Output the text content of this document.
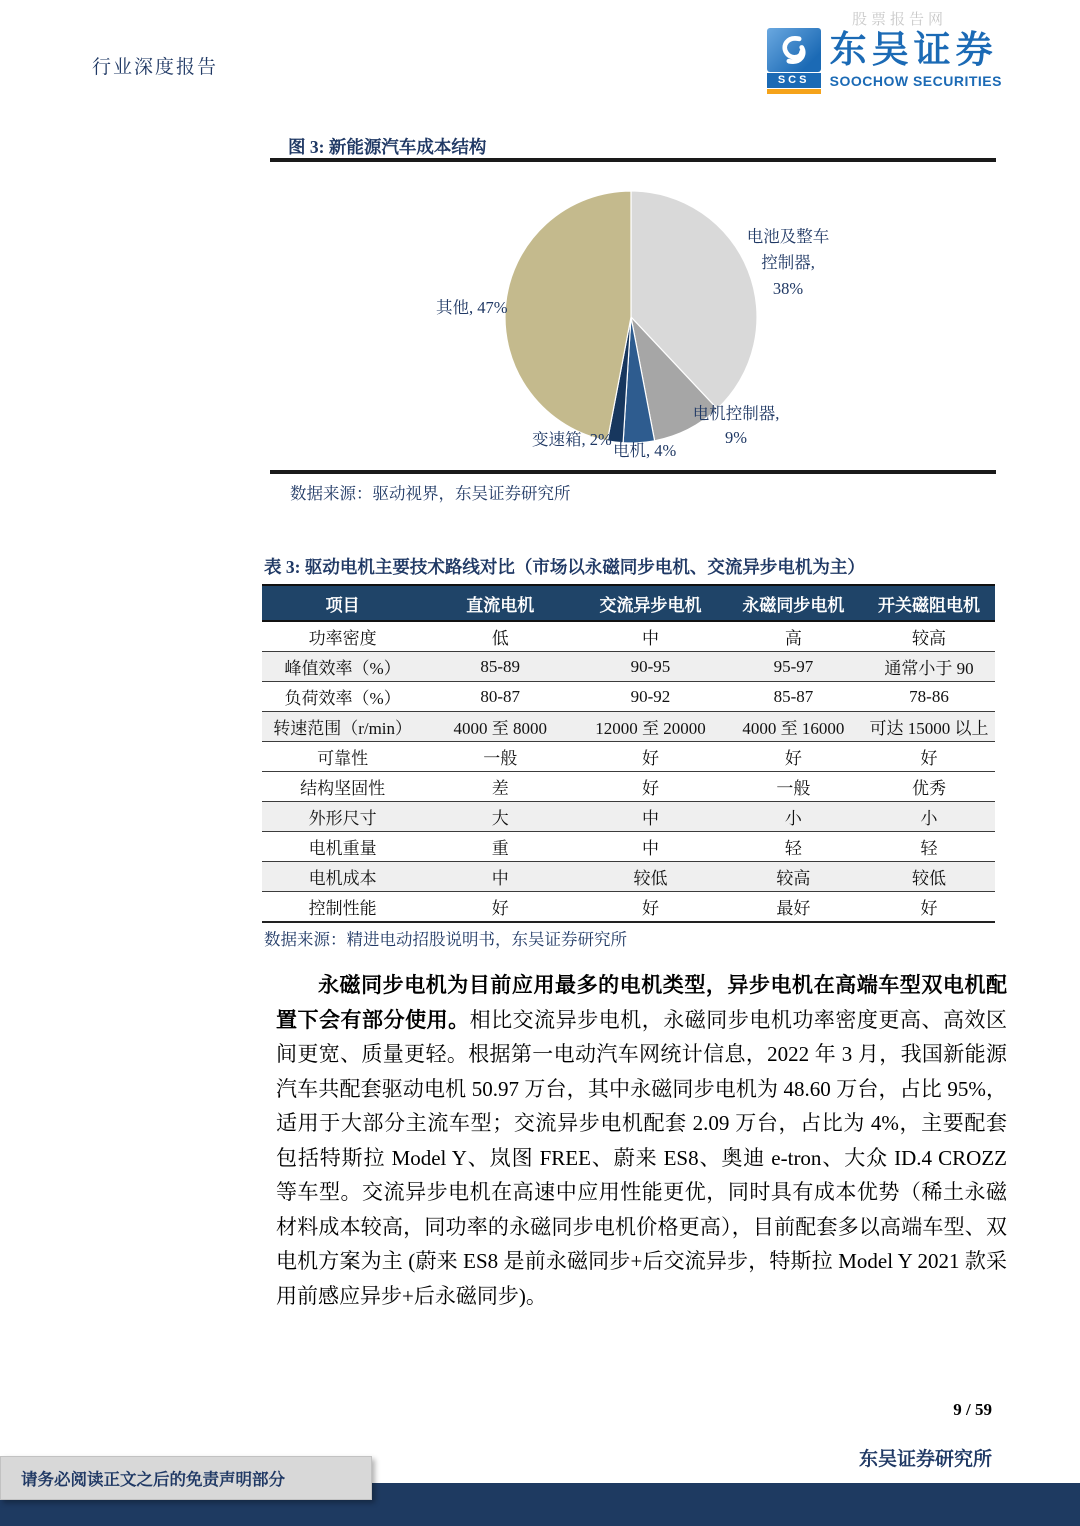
股票报告网
行业深度报告
SCS
东吴证券
SOOCHOW SECURITIES
图 3: 新能源汽车成本结构
电池及整车
控制器,
38%
其他, 47%
电机控制器,
9%
变速箱, 2%
电机, 4%
数据来源：驱动视界，东吴证券研究所
表 3: 驱动电机主要技术路线对比（市场以永磁同步电机、交流异步电机为主）
项目	直流电机	交流异步电机	永磁同步电机	开关磁阻电机
功率密度	低	中	高	较高
峰值效率（%）	85-89	90-95	95-97	通常小于 90
负荷效率（%）	80-87	90-92	85-87	78-86
转速范围（r/min）	4000 至 8000	12000 至 20000	4000 至 16000	可达 15000 以上
可靠性	一般	好	好	好
结构坚固性	差	好	一般	优秀
外形尺寸	大	中	小	小
电机重量	重	中	轻	轻
电机成本	中	较低	较高	较低
控制性能	好	好	最好	好
数据来源：精进电动招股说明书，东吴证券研究所
永磁同步电机为目前应用最多的电机类型，异步电机在高端车型双电机配置下会有部分使用。相比交流异步电机，永磁同步电机功率密度更高、高效区间更宽、质量更轻。根据第一电动汽车网统计信息，2022 年 3 月，我国新能源汽车共配套驱动电机 50.97 万台，其中永磁同步电机为 48.60 万台，占比 95%，适用于大部分主流车型；交流异步电机配套 2.09 万台，占比为 4%，主要配套包括特斯拉 Model Y、岚图 FREE、蔚来 ES8、奥迪 e-tron、大众 ID.4 CROZZ 等车型。交流异步电机在高速中应用性能更优，同时具有成本优势（稀土永磁材料成本较高，同功率的永磁同步电机价格更高），目前配套多以高端车型、双电机方案为主 (蔚来 ES8 是前永磁同步+后交流异步，特斯拉 Model Y 2021 款采用前感应异步+后永磁同步)。
9 / 59
东吴证券研究所
请务必阅读正文之后的免责声明部分
